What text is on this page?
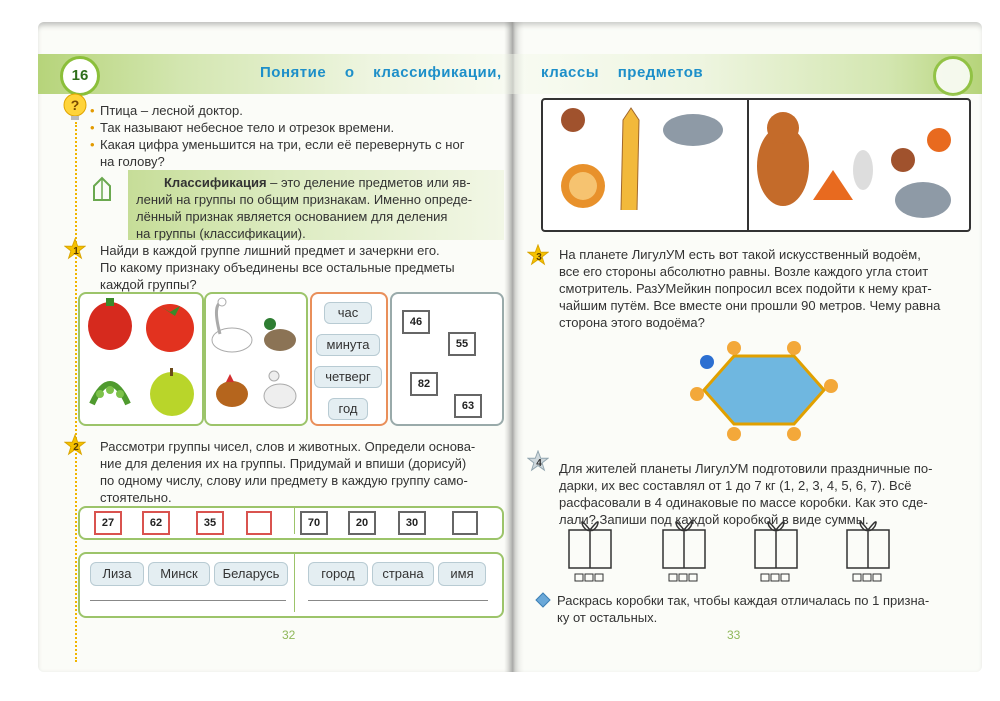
16	Понятие о классификации,
? • Птица – лесной доктор.
• Так называют небесное тело и отрезок времени.
• Какая цифра уменьшится на три, если её перевернуть с ног
на голову?
Классификация – это деление предметов или яв-
лений на группы по общим признакам. Именно опреде-
лённый признак является основанием для деления
на группы (классификации).
1	Найди в каждой группе лишний предмет и зачеркни его.
По какому признаку объединены все остальные предметы
каждой группы?
час
минута
четверг
год
46
55
82
63
2	Рассмотри группы чисел, слов и животных. Определи основа-
ние для деления их на группы. Придумай и впиши (дорисуй)
по одному числу, слову или предмету в каждую группу само-
стоятельно.
27	62	35	70	20	30
Лиза	Минск	Беларусь	город	страна	имя
32
классы предметов
3	На планете ЛигулУМ есть вот такой искусственный водоём,
все его стороны абсолютно равны. Возле каждого угла стоит
смотритель. РазУМейкин попросил всех подойти к нему крат-
чайшим путём. Все вместе они прошли 90 метров. Чему равна
сторона этого водоёма?
4	Для жителей планеты ЛигулУМ подготовили праздничные по-
дарки, их вес составлял от 1 до 7 кг (1, 2, 3, 4, 5, 6, 7). Всё
расфасовали в 4 одинаковые по массе коробки. Как это сде-
лали? Запиши под каждой коробкой в виде суммы.
Раскрась коробки так, чтобы каждая отличалась по 1 призна-
ку от остальных.
33
